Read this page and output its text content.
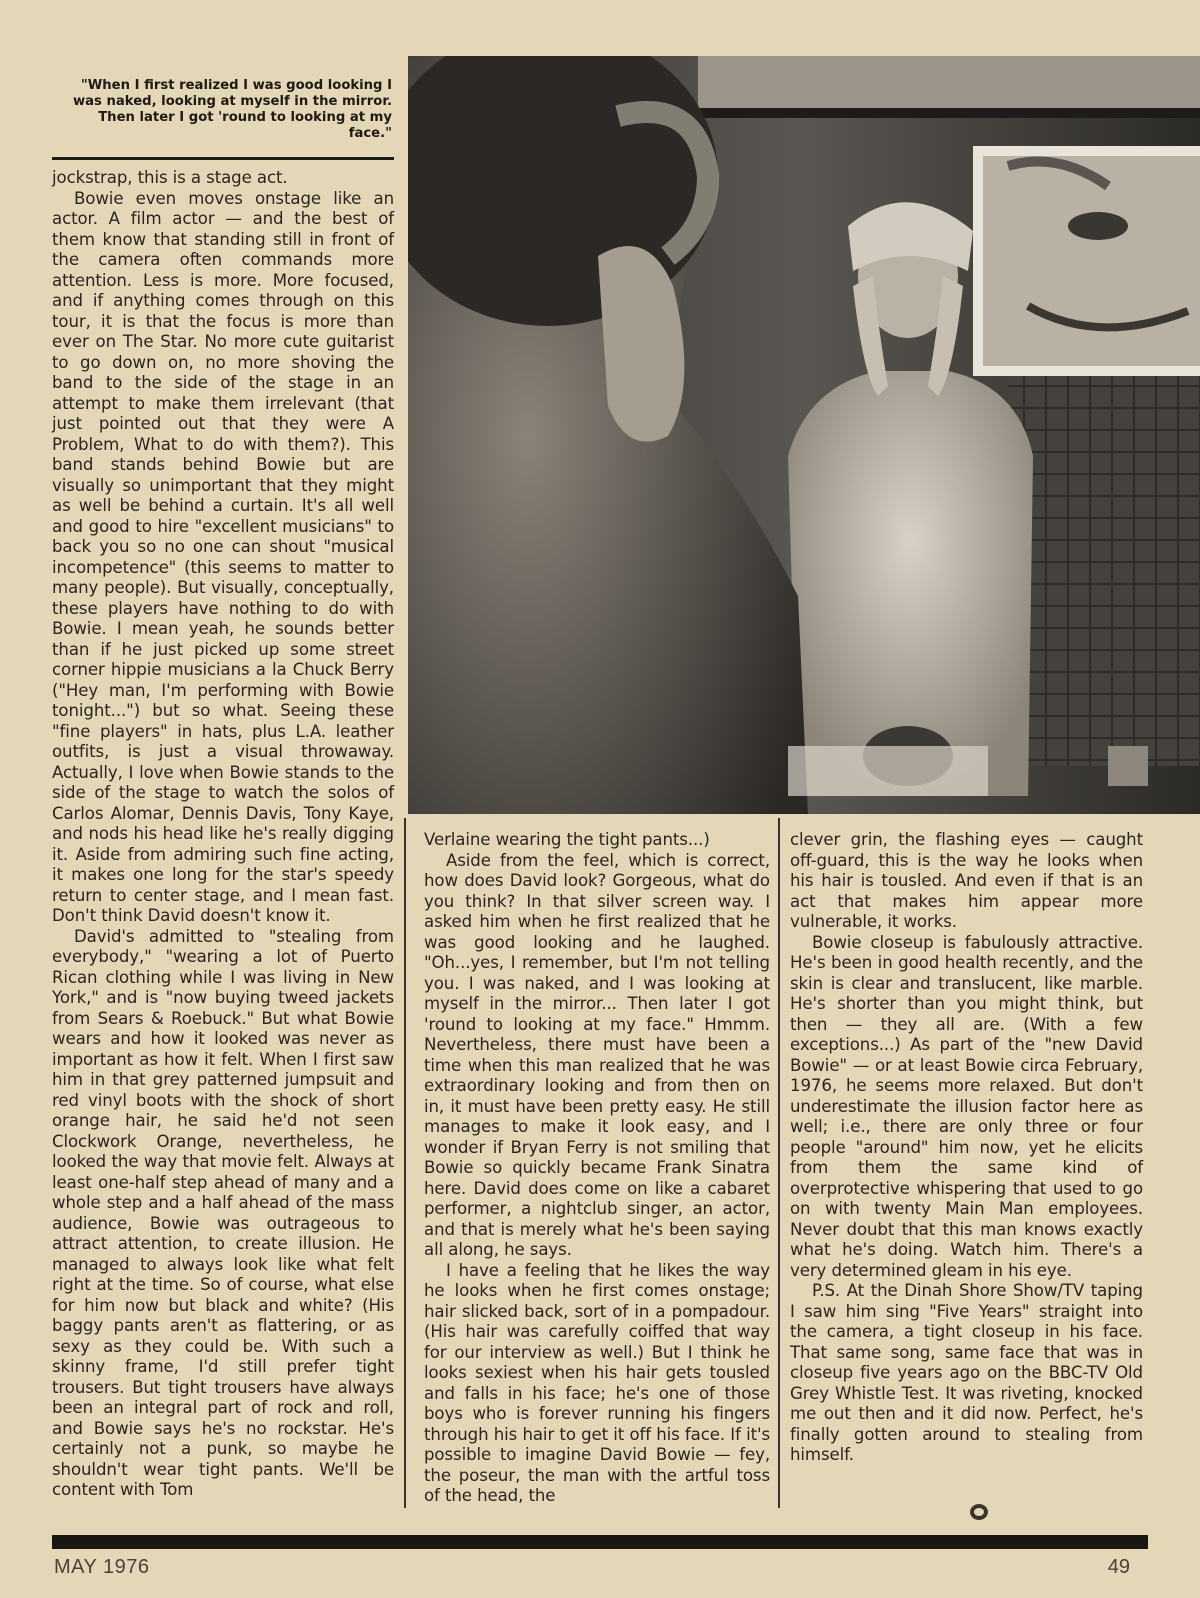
"When I first realized I was good looking I was naked, looking at myself in the mirror. Then later I got 'round to looking at my face."

jockstrap, this is a stage act.

Bowie even moves onstage like an actor. A film actor — and the best of them know that standing still in front of the camera often commands more attention. Less is more. More focused, and if anything comes through on this tour, it is that the focus is more than ever on The Star. No more cute guitarist to go down on, no more shoving the band to the side of the stage in an attempt to make them irrelevant (that just pointed out that they were A Problem, What to do with them?). This band stands behind Bowie but are visually so unimportant that they might as well be behind a curtain. It's all well and good to hire "excellent musicians" to back you so no one can shout "musical incompetence" (this seems to matter to many people). But visually, conceptually, these players have nothing to do with Bowie. I mean yeah, he sounds better than if he just picked up some street corner hippie musicians a la Chuck Berry ("Hey man, I'm performing with Bowie tonight...") but so what. Seeing these "fine players" in hats, plus L.A. leather outfits, is just a visual throwaway. Actually, I love when Bowie stands to the side of the stage to watch the solos of Carlos Alomar, Dennis Davis, Tony Kaye, and nods his head like he's really digging it. Aside from admiring such fine acting, it makes one long for the star's speedy return to center stage, and I mean fast. Don't think David doesn't know it.

David's admitted to "stealing from everybody," "wearing a lot of Puerto Rican clothing while I was living in New York," and is "now buying tweed jackets from Sears & Roebuck." But what Bowie wears and how it looked was never as important as how it felt. When I first saw him in that grey patterned jumpsuit and red vinyl boots with the shock of short orange hair, he said he'd not seen Clockwork Orange, nevertheless, he looked the way that movie felt. Always at least one-half step ahead of many and a whole step and a half ahead of the mass audience, Bowie was outrageous to attract attention, to create illusion. He managed to always look like what felt right at the time. So of course, what else for him now but black and white? (His baggy pants aren't as flattering, or as sexy as they could be. With such a skinny frame, I'd still prefer tight trousers. But tight trousers have always been an integral part of rock and roll, and Bowie says he's no rockstar. He's certainly not a punk, so maybe he shouldn't wear tight pants. We'll be content with Tom

Verlaine wearing the tight pants...)

Aside from the feel, which is correct, how does David look? Gorgeous, what do you think? In that silver screen way. I asked him when he first realized that he was good looking and he laughed. "Oh...yes, I remember, but I'm not telling you. I was naked, and I was looking at myself in the mirror... Then later I got 'round to looking at my face." Hmmm. Nevertheless, there must have been a time when this man realized that he was extraordinary looking and from then on in, it must have been pretty easy. He still manages to make it look easy, and I wonder if Bryan Ferry is not smiling that Bowie so quickly became Frank Sinatra here. David does come on like a cabaret performer, a nightclub singer, an actor, and that is merely what he's been saying all along, he says.

I have a feeling that he likes the way he looks when he first comes onstage; hair slicked back, sort of in a pompadour. (His hair was carefully coiffed that way for our interview as well.) But I think he looks sexiest when his hair gets tousled and falls in his face; he's one of those boys who is forever running his fingers through his hair to get it off his face. If it's possible to imagine David Bowie — fey, the poseur, the man with the artful toss of the head, the

clever grin, the flashing eyes — caught off-guard, this is the way he looks when his hair is tousled. And even if that is an act that makes him appear more vulnerable, it works.

Bowie closeup is fabulously attractive. He's been in good health recently, and the skin is clear and translucent, like marble. He's shorter than you might think, but then — they all are. (With a few exceptions...) As part of the "new David Bowie" — or at least Bowie circa February, 1976, he seems more relaxed. But don't underestimate the illusion factor here as well; i.e., there are only three or four people "around" him now, yet he elicits from them the same kind of overprotective whispering that used to go on with twenty Main Man employees. Never doubt that this man knows exactly what he's doing. Watch him. There's a very determined gleam in his eye.

P.S. At the Dinah Shore Show/TV taping I saw him sing "Five Years" straight into the camera, a tight closeup in his face. That same song, same face that was in closeup five years ago on the BBC-TV Old Grey Whistle Test. It was riveting, knocked me out then and it did now. Perfect, he's finally gotten around to stealing from himself.

MAY 1976	49
